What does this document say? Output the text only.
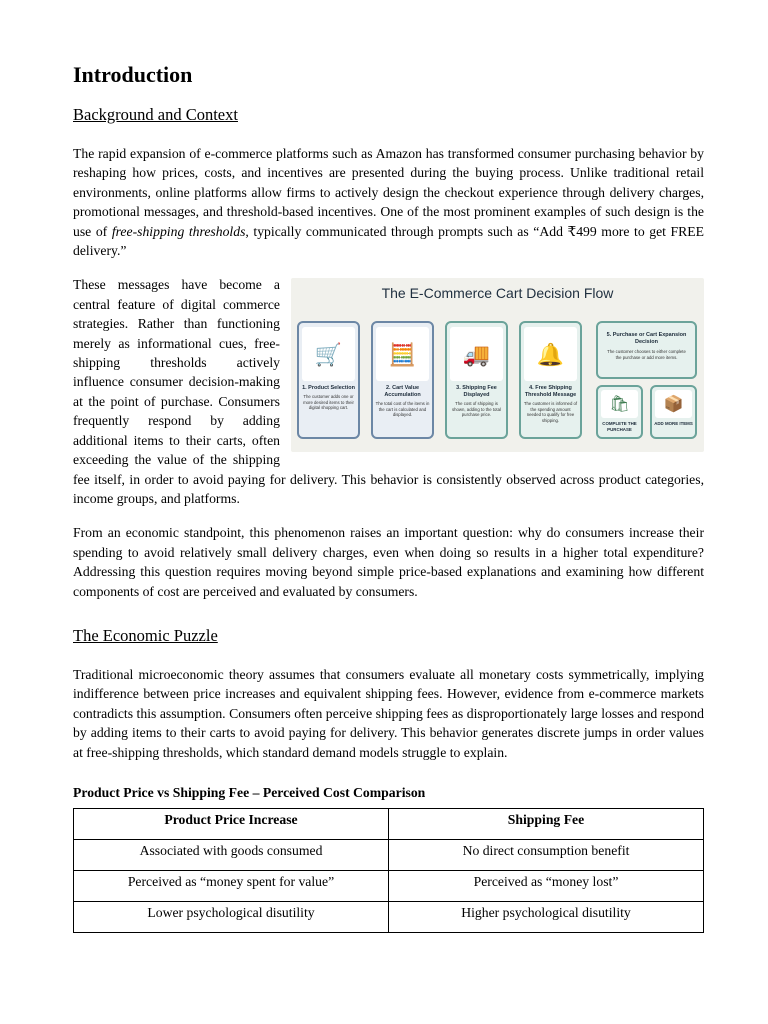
Introduction
Background and Context

The rapid expansion of e-commerce platforms such as Amazon has transformed consumer purchasing behavior by reshaping how prices, costs, and incentives are presented during the buying process. Unlike traditional retail environments, online platforms allow firms to actively design the checkout experience through delivery charges, promotional messages, and threshold-based incentives. One of the most prominent examples of such design is the use of free-shipping thresholds, typically communicated through prompts such as “Add ₹499 more to get FREE delivery.”

The E-Commerce Cart Decision Flow
🛒
1. Product Selection
The customer adds one or more desired items to their digital shopping cart.
🧮
2. Cart Value Accumulation
The total cost of the items in the cart is calculated and displayed.
🚚
3. Shipping Fee Displayed
The cost of shipping is shown, adding to the total purchase price.
🔔
4. Free Shipping Threshold Message
The customer is informed of the spending amount needed to qualify for free shipping.
5. Purchase or Cart Expansion Decision
The customer chooses to either complete the purchase or add more items.
🛍
COMPLETE THE PURCHASE
📦
ADD MORE ITEMS
These messages have become a central feature of digital commerce strategies. Rather than functioning merely as informational cues, free-shipping thresholds actively influence consumer decision-making at the point of purchase. Consumers frequently respond by adding additional items to their carts, often exceeding the value of the shipping fee itself, in order to avoid paying for delivery. This behavior is consistently observed across product categories, income groups, and platforms.

From an economic standpoint, this phenomenon raises an important question: why do consumers increase their spending to avoid relatively small delivery charges, even when doing so results in a higher total expenditure? Addressing this question requires moving beyond simple price-based explanations and examining how different components of cost are perceived and evaluated by consumers.

The Economic Puzzle

Traditional microeconomic theory assumes that consumers evaluate all monetary costs symmetrically, implying indifference between price increases and equivalent shipping fees. However, evidence from e-commerce markets contradicts this assumption. Consumers often perceive shipping fees as disproportionately large losses and respond by adding items to their carts to avoid paying for delivery. This behavior generates discrete jumps in order values at free-shipping thresholds, which standard demand models struggle to explain.

Product Price vs Shipping Fee – Perceived Cost Comparison
Product Price Increase	Shipping Fee
Associated with goods consumed	No direct consumption benefit
Perceived as “money spent for value”	Perceived as “money lost”
Lower psychological disutility	Higher psychological disutility
